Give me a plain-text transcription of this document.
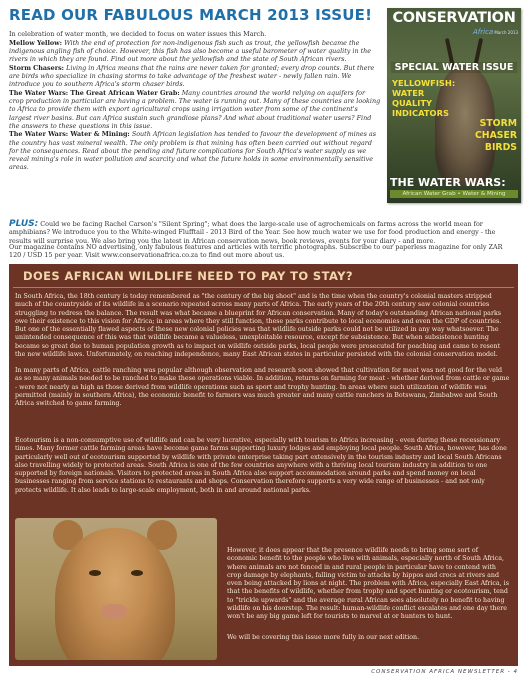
READ OUR FABULOUS MARCH 2013 ISSUE!

In celebration of water month, we decided to focus on water issues this March.

Mellow Yellow: With the end of protection for non-indigenous fish such as trout, the yellowfish became the indigenous angling fish of choice. However, this fish has also become a useful barometer of water quality in the rivers in which they are found. Find out more about the yellowfish and the state of South African rivers.

Storm Chasers: Living in Africa means that the rains are never taken for granted; every drop counts. But there are birds who specialize in chasing storms to take advantage of the freshest water - newly fallen rain. We introduce you to southern Africa's storm chaser birds.

The Water Wars: The Great African Water Grab: Many countries around the world relying on aquifers for crop production in particular are having a problem. The water is running out. Many of these countries are looking to Africa to provide them with export agricultural crops using irrigation water from some of the continent's largest river basins. But can Africa sustain such grandiose plans? And what about traditional water users? Find the answers to these questions in this issue.

The Water Wars: Water & Mining: South African legislation has tended to favour the development of mines as the country has vast mineral wealth. The only problem is that mining has often been carried out without regard for the consequences. Read about the pending and future complications for South Africa's water supply as we reveal mining's role in water pollution and scarcity and what the future holds in some environmentally sensitive areas.

CONSERVATION
Africa March 2013
SPECIAL WATER ISSUE
YELLOWFISH: WATER QUALITY INDICATORS
STORM CHASER BIRDS
THE WATER WARS:
African Water Grab • Water & Mining
PLUS: Could we be facing Rachel Carson's "Silent Spring"; what does the large-scale use of agrochemicals on farms across the world mean for amphibians? We introduce you to the White-winged Flufftail - 2013 Bird of the Year. See how much water we use for food production and energy - the results will surprise you. We also bring you the latest in African conservation news, book reviews, events for your diary - and more.
Our magazine contains NO advertising, only fabulous features and articles with terrific photographs. Subscribe to our paperless magazine for only ZAR 120 / USD 15 per year. Visit www.conservationafrica.co.za to find out more about us.
DOES AFRICAN WILDLIFE NEED TO PAY TO STAY?
In South Africa, the 18th century is today remembered as "the century of the big shoot" and is the time when the country's colonial masters stripped much of the countryside of its wildlife in a scenario repeated across many parts of Africa. The early years of the 20th century saw colonial countries struggling to redress the balance. The result was what became a blueprint for African conservation. Many of today's outstanding African national parks owe their existence to this vision for Africa; in areas where they still function, these parks contribute to local economies and even the GDP of countries. But one of the essentially flawed aspects of these new colonial policies was that wildlife outside parks could not be utilized in any way whatsoever. The unintended consequence of this was that wildlife became a valueless, unexploitable resource, except for subsistence. But when subsistence hunting became so great due to human population growth as to impact on wildlife outside parks, local people were prosecuted for poaching and came to resent the new wildlife laws. Unfortunately, on reaching independence, many East African states in particular persisted with the colonial conservation model.
In many parts of Africa, cattle ranching was popular although observation and research soon showed that cultivation for meat was not good for the veld as so many animals needed to be ranched to make these operations viable. In addition, returns on farming for meat - whether derived from cattle or game - were not nearly as high as those derived from wildlife operations such as sport and trophy hunting. In areas where such utilization of wildlife was permitted (mainly in southern Africa), the economic benefit to farmers was much greater and many cattle ranchers in Botswana, Zimbabwe and South Africa switched to game farming.
Ecotourism is a non-consumptive use of wildlife and can be very lucrative, especially with tourism to Africa increasing - even during these recessionary times. Many former cattle farming areas have become game farms supporting luxury lodges and employing local people. South Africa, however, has done particularly well out of ecotourism supported by wildlife with private enterprise taking part extensively in the tourism industry and local South Africans also travelling widely to protected areas. South Africa is one of the few countries anywhere with a thriving local tourism industry in addition to one supported by foreign nationals. Visitors to protected areas in South Africa also support accommodation around parks and spend money on local businesses ranging from service stations to restaurants and shops. Conservation therefore supports a very wide range of businesses - and not only protects wildlife. It also leads to large-scale employment, both in and around national parks.
However, it does appear that the presence wildlife needs to bring some sort of economic benefit to the people who live with animals, especially north of South Africa, where animals are not fenced in and rural people in particular have to contend with crop damage by elephants, falling victim to attacks by hippos and crocs at rivers and even being attacked by lions at night. The problem with Africa, especially East Africa, is that the benefits of wildlife, whether from trophy and sport hunting or ecotourism, tend to "trickle upwards" and the average rural African sees absolutely no benefit to having wildlife on his doorstep. The result: human-wildlife conflict escalates and one day there won't be any big game left for tourists to marvel at or hunters to hunt.
We will be covering this issue more fully in our next edition.
CONSERVATION AFRICA NEWSLETTER - 4
